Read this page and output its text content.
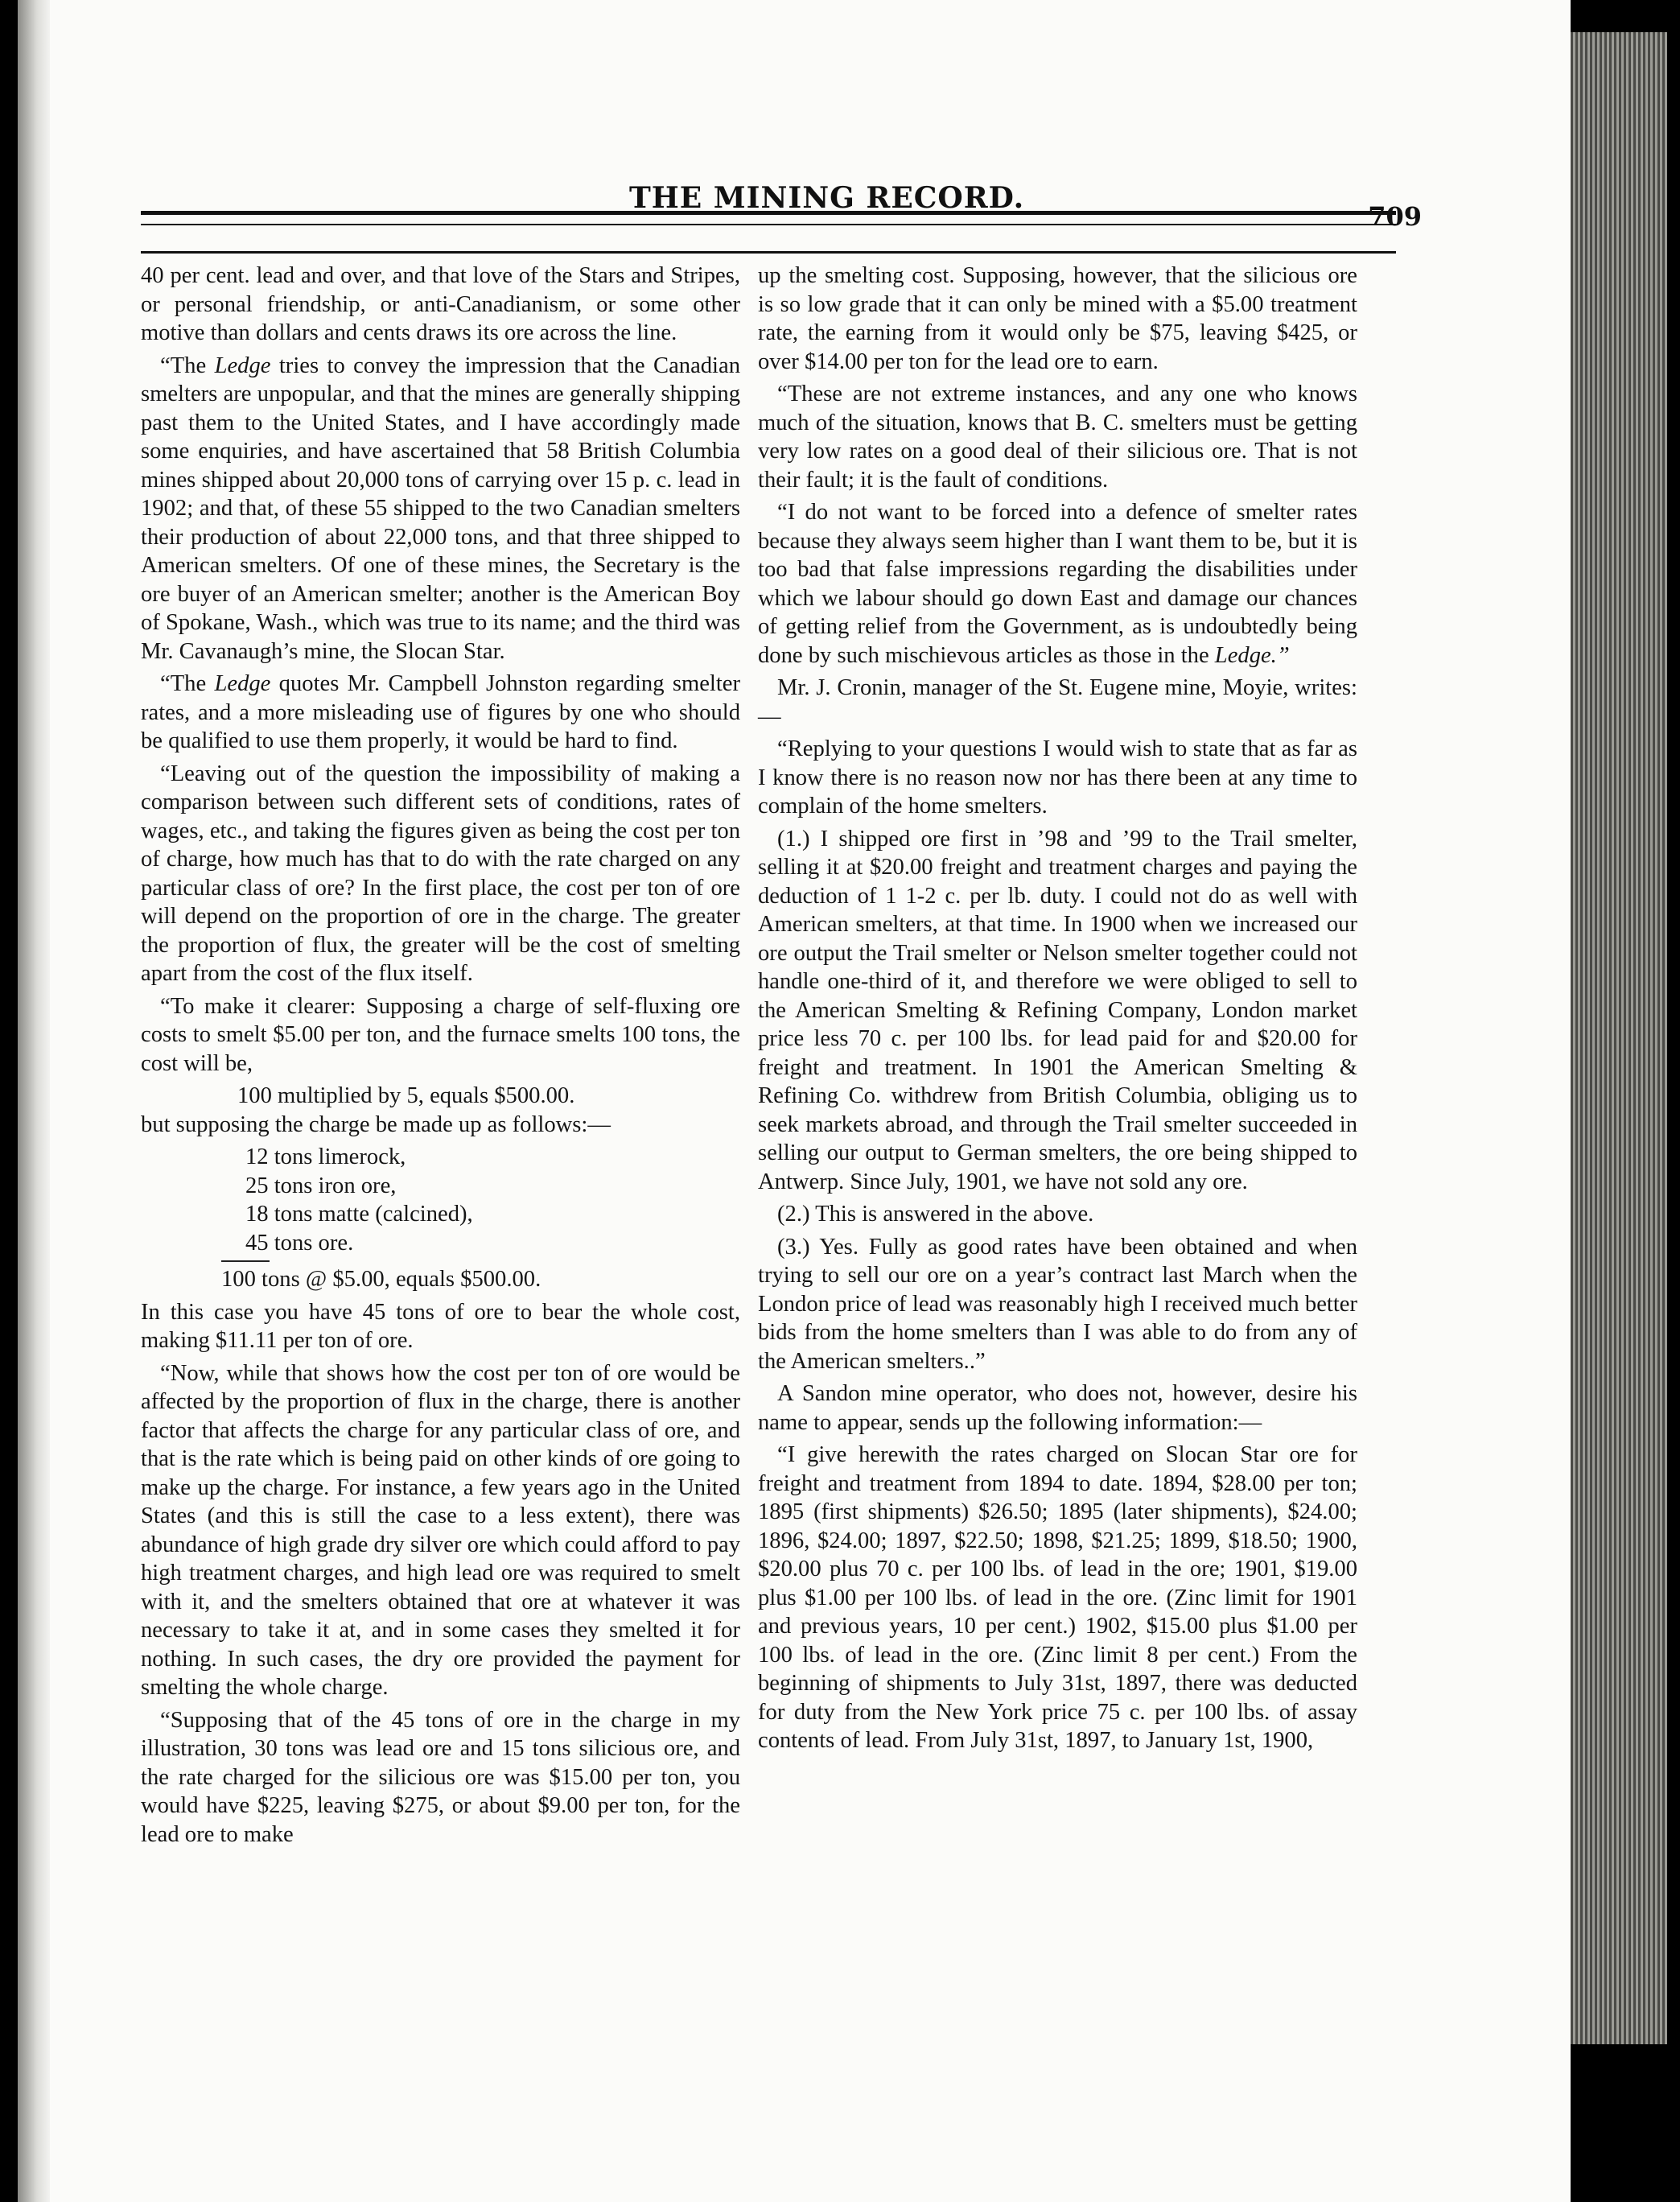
THE MINING RECORD.
709

40 per cent. lead and over, and that love of the Stars and Stripes, or personal friendship, or anti-Canadianism, or some other motive than dollars and cents draws its ore across the line.

“The Ledge tries to convey the impression that the Canadian smelters are unpopular, and that the mines are generally shipping past them to the United States, and I have accordingly made some enquiries, and have ascertained that 58 British Columbia mines shipped about 20,000 tons of carrying over 15 p. c. lead in 1902; and that, of these 55 shipped to the two Canadian smelters their production of about 22,000 tons, and that three shipped to American smelters. Of one of these mines, the Secretary is the ore buyer of an American smelter; another is the American Boy of Spokane, Wash., which was true to its name; and the third was Mr. Cavanaugh’s mine, the Slocan Star.

“The Ledge quotes Mr. Campbell Johnston regarding smelter rates, and a more misleading use of figures by one who should be qualified to use them properly, it would be hard to find.

“Leaving out of the question the impossibility of making a comparison between such different sets of conditions, rates of wages, etc., and taking the figures given as being the cost per ton of charge, how much has that to do with the rate charged on any particular class of ore? In the first place, the cost per ton of ore will depend on the proportion of ore in the charge. The greater the proportion of flux, the greater will be the cost of smelting apart from the cost of the flux itself.

“To make it clearer: Supposing a charge of self-fluxing ore costs to smelt $5.00 per ton, and the furnace smelts 100 tons, the cost will be,

100 multiplied by 5, equals $500.00.

but supposing the charge be made up as follows:—

12 tons limerock,

25 tons iron ore,

18 tons matte (calcined),

45 tons ore.

100 tons @ $5.00, equals $500.00.

In this case you have 45 tons of ore to bear the whole cost, making $11.11 per ton of ore.

“Now, while that shows how the cost per ton of ore would be affected by the proportion of flux in the charge, there is another factor that affects the charge for any particular class of ore, and that is the rate which is being paid on other kinds of ore going to make up the charge. For instance, a few years ago in the United States (and this is still the case to a less extent), there was abundance of high grade dry silver ore which could afford to pay high treatment charges, and high lead ore was required to smelt with it, and the smelters obtained that ore at whatever it was necessary to take it at, and in some cases they smelted it for nothing. In such cases, the dry ore provided the payment for smelting the whole charge.

“Supposing that of the 45 tons of ore in the charge in my illustration, 30 tons was lead ore and 15 tons silicious ore, and the rate charged for the silicious ore was $15.00 per ton, you would have $225, leaving $275, or about $9.00 per ton, for the lead ore to make

up the smelting cost. Supposing, however, that the silicious ore is so low grade that it can only be mined with a $5.00 treatment rate, the earning from it would only be $75, leaving $425, or over $14.00 per ton for the lead ore to earn.

“These are not extreme instances, and any one who knows much of the situation, knows that B. C. smelters must be getting very low rates on a good deal of their silicious ore. That is not their fault; it is the fault of conditions.

“I do not want to be forced into a defence of smelter rates because they always seem higher than I want them to be, but it is too bad that false impressions regarding the disabilities under which we labour should go down East and damage our chances of getting relief from the Government, as is undoubtedly being done by such mischievous articles as those in the Ledge.”

Mr. J. Cronin, manager of the St. Eugene mine, Moyie, writes:—

“Replying to your questions I would wish to state that as far as I know there is no reason now nor has there been at any time to complain of the home smelters.

(1.) I shipped ore first in ’98 and ’99 to the Trail smelter, selling it at $20.00 freight and treatment charges and paying the deduction of 1 1-2 c. per lb. duty. I could not do as well with American smelters, at that time. In 1900 when we increased our ore output the Trail smelter or Nelson smelter together could not handle one-third of it, and therefore we were obliged to sell to the American Smelting & Refining Company, London market price less 70 c. per 100 lbs. for lead paid for and $20.00 for freight and treatment. In 1901 the American Smelting & Refining Co. withdrew from British Columbia, obliging us to seek markets abroad, and through the Trail smelter succeeded in selling our output to German smelters, the ore being shipped to Antwerp. Since July, 1901, we have not sold any ore.

(2.) This is answered in the above.

(3.) Yes. Fully as good rates have been obtained and when trying to sell our ore on a year’s contract last March when the London price of lead was reasonably high I received much better bids from the home smelters than I was able to do from any of the American smelters..”

A Sandon mine operator, who does not, however, desire his name to appear, sends up the following information:—

“I give herewith the rates charged on Slocan Star ore for freight and treatment from 1894 to date. 1894, $28.00 per ton; 1895 (first shipments) $26.50; 1895 (later shipments), $24.00; 1896, $24.00; 1897, $22.50; 1898, $21.25; 1899, $18.50; 1900, $20.00 plus 70 c. per 100 lbs. of lead in the ore; 1901, $19.00 plus $1.00 per 100 lbs. of lead in the ore. (Zinc limit for 1901 and previous years, 10 per cent.) 1902, $15.00 plus $1.00 per 100 lbs. of lead in the ore. (Zinc limit 8 per cent.) From the beginning of shipments to July 31st, 1897, there was deducted for duty from the New York price 75 c. per 100 lbs. of assay contents of lead. From July 31st, 1897, to January 1st, 1900,
